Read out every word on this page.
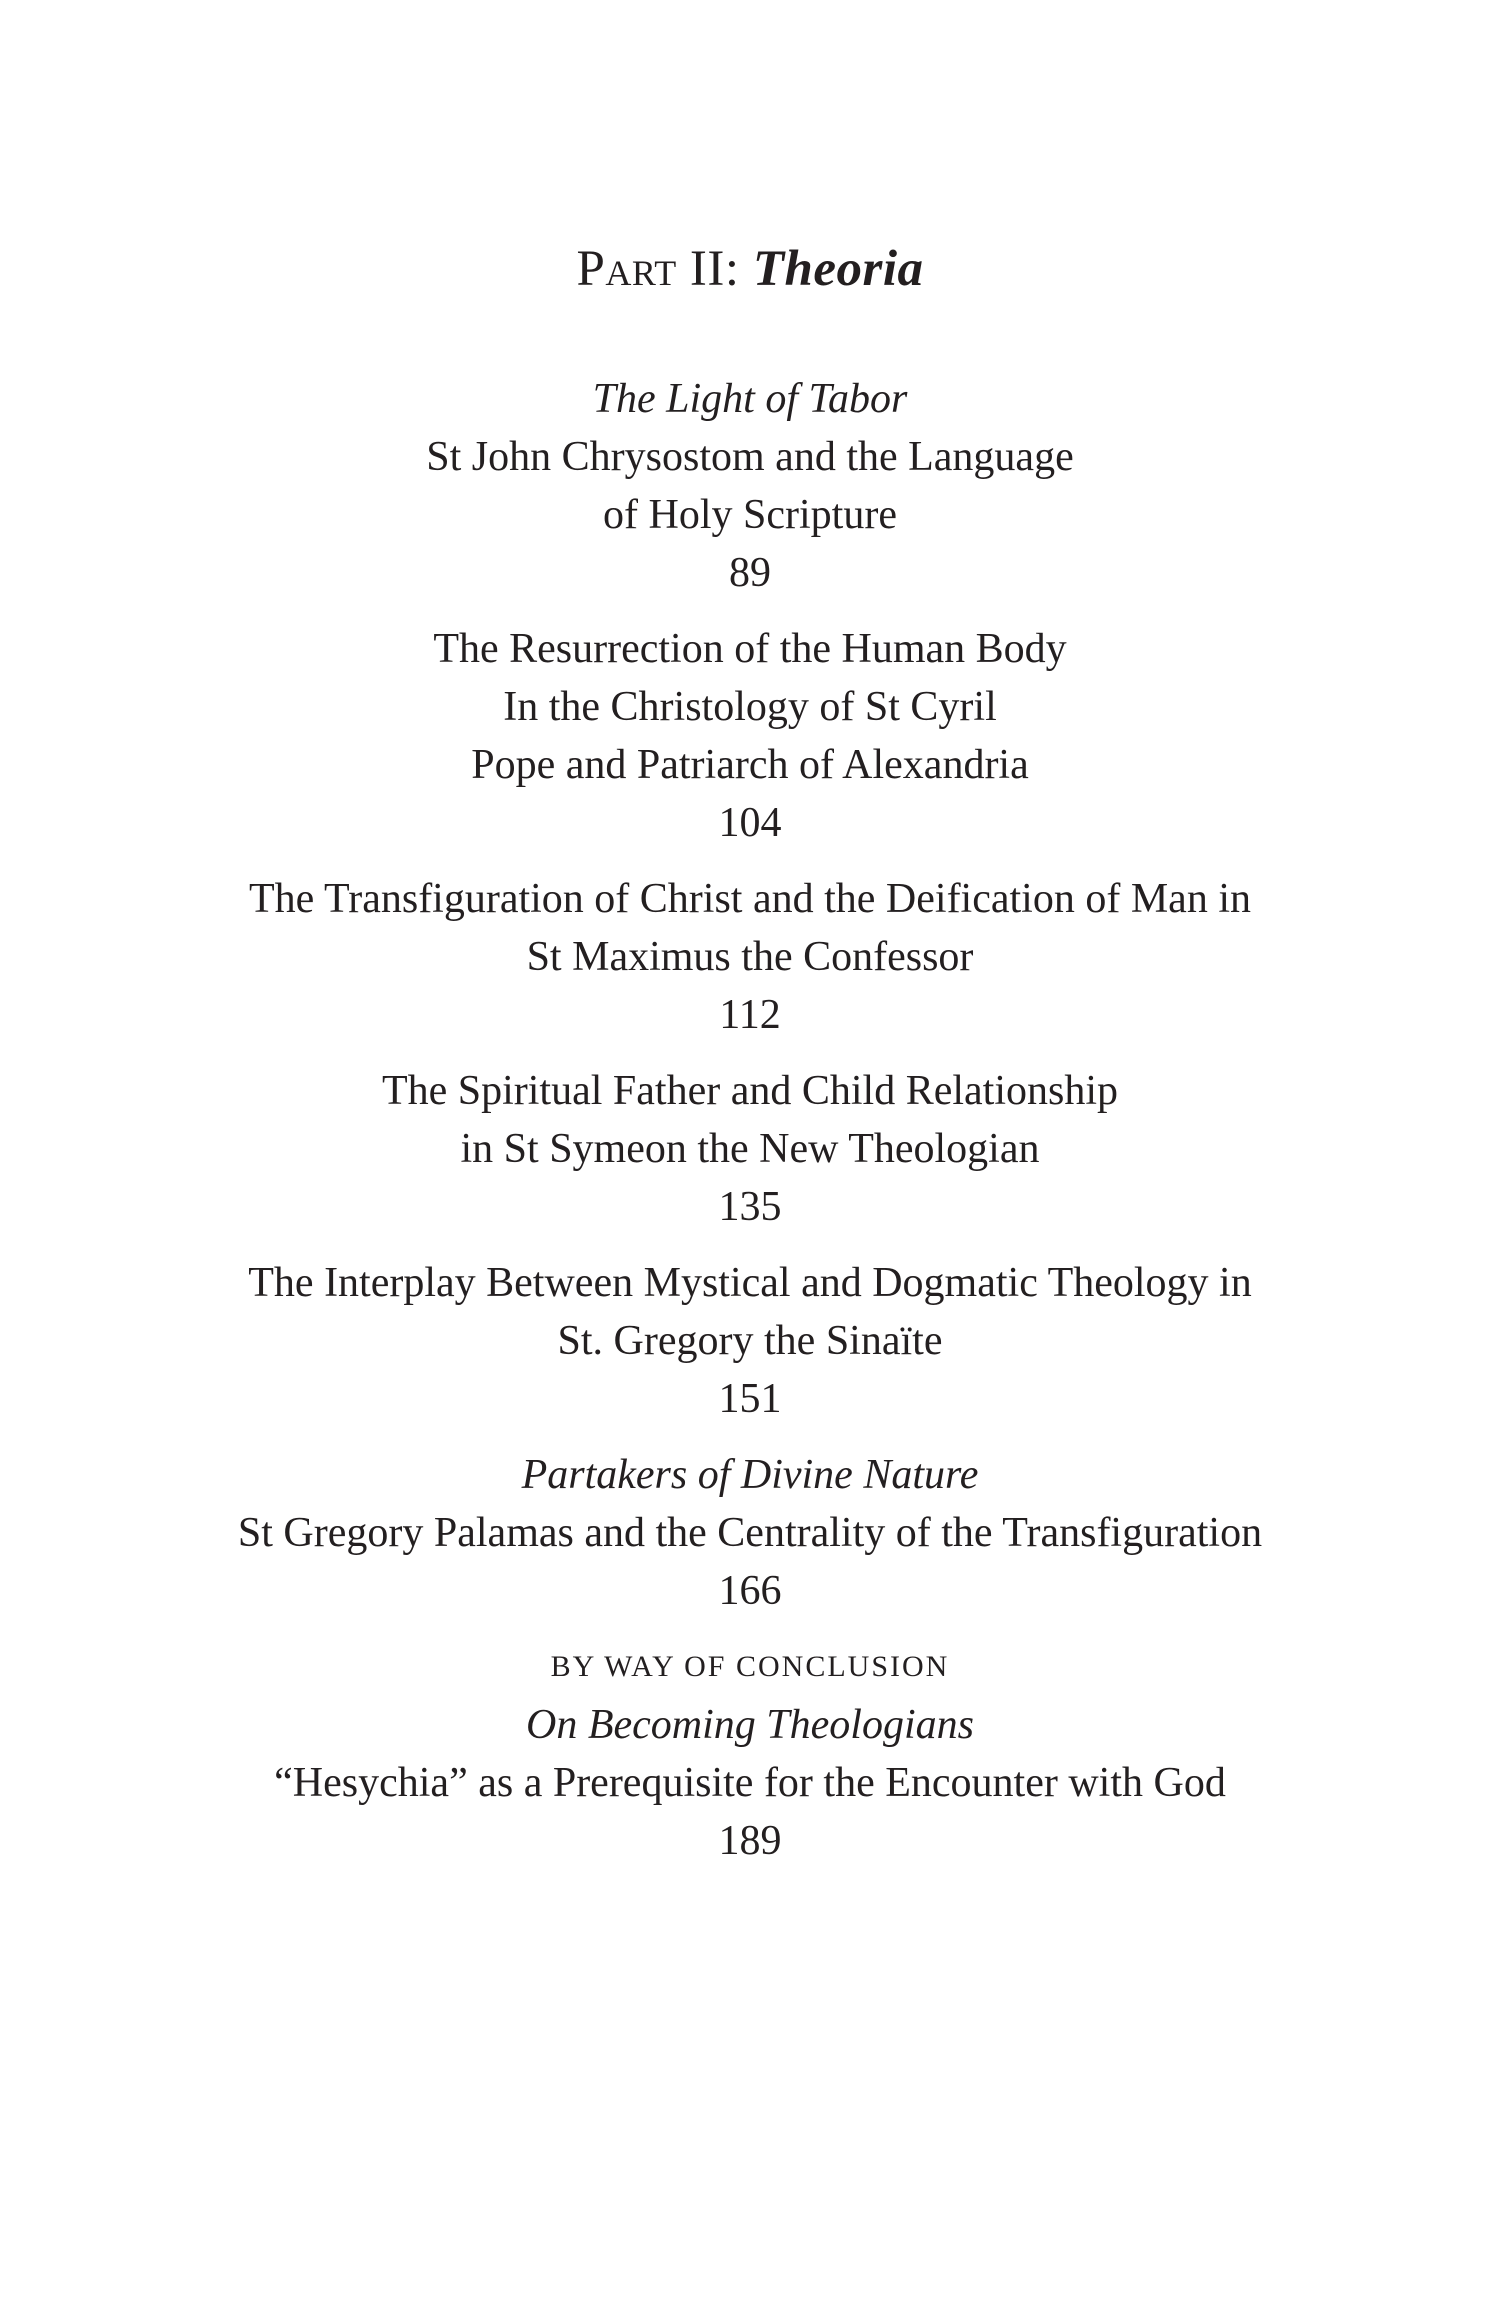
Part II: Theoria
The Light of Tabor
St John Chrysostom and the Language
of Holy Scripture
89
The Resurrection of the Human Body
In the Christology of St Cyril
Pope and Patriarch of Alexandria
104
The Transfiguration of Christ and the Deification of Man in
St Maximus the Confessor
112
The Spiritual Father and Child Relationship
in St Symeon the New Theologian
135
The Interplay Between Mystical and Dogmatic Theology in
St. Gregory the Sinaïte
151
Partakers of Divine Nature
St Gregory Palamas and the Centrality of the Transfiguration
166
BY WAY OF CONCLUSION
On Becoming Theologians
“Hesychia” as a Prerequisite for the Encounter with God
189
